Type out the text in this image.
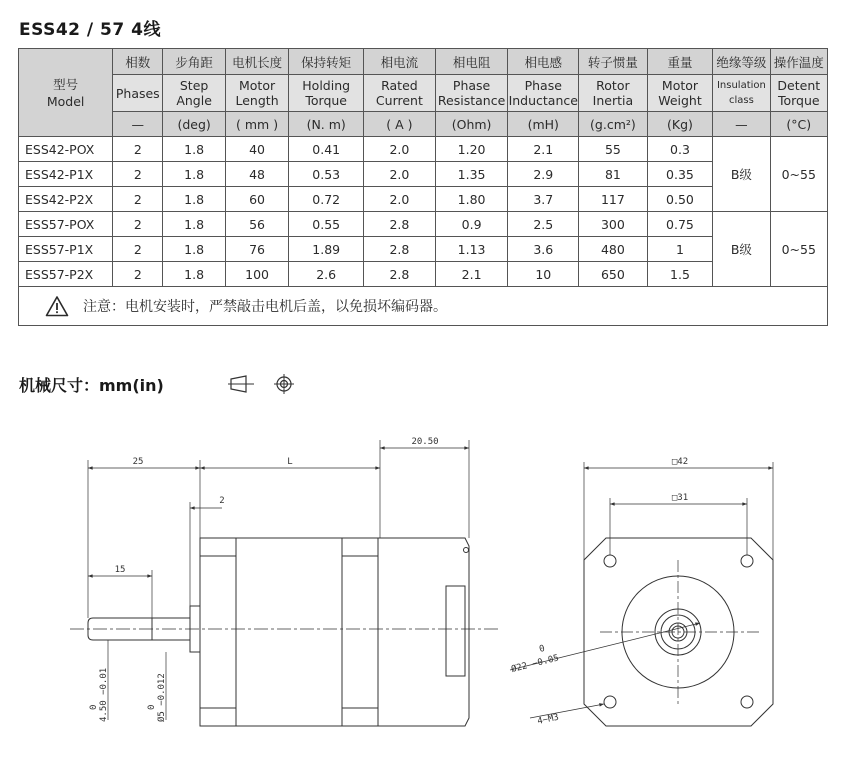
ESS42 / 57 4线
型号
Model	相数	步角距	电机长度	保持转矩	相电流	相电阻	相电感	转子惯量	重量	绝缘等级	操作温度
	Phases	Step Angle	Motor Length	Holding Torque	Rated Current	Phase Resistance	Phase Inductance	Rotor Inertia	Motor Weight	Insulation class	Detent Torque
	—	(deg)	( mm )	(N. m)	( A )	(Ohm)	(mH)	(g.cm²)	(Kg)	—	(°C)
ESS42-POX	2	1.8	40	0.41	2.0	1.20	2.1	55	0.3	B级	0~55
ESS42-P1X	2	1.8	48	0.53	2.0	1.35	2.9	81	0.35		
ESS42-P2X	2	1.8	60	0.72	2.0	1.80	3.7	117	0.50		
ESS57-POX	2	1.8	56	0.55	2.8	0.9	2.5	300	0.75	B级	0~55
ESS57-P1X	2	1.8	76	1.89	2.8	1.13	3.6	480	1		
ESS57-P2X	2	1.8	100	2.6	2.8	2.1	10	650	1.5		
注意：电机安装时，严禁敲击电机后盖，以免损坏编码器。
机械尺寸：mm(in)
25	L
20.50
2
15
0 4.50 −0.01	0 Ø5 −0.012
□42
□31
0
Ø22 −0.05
4−M3
